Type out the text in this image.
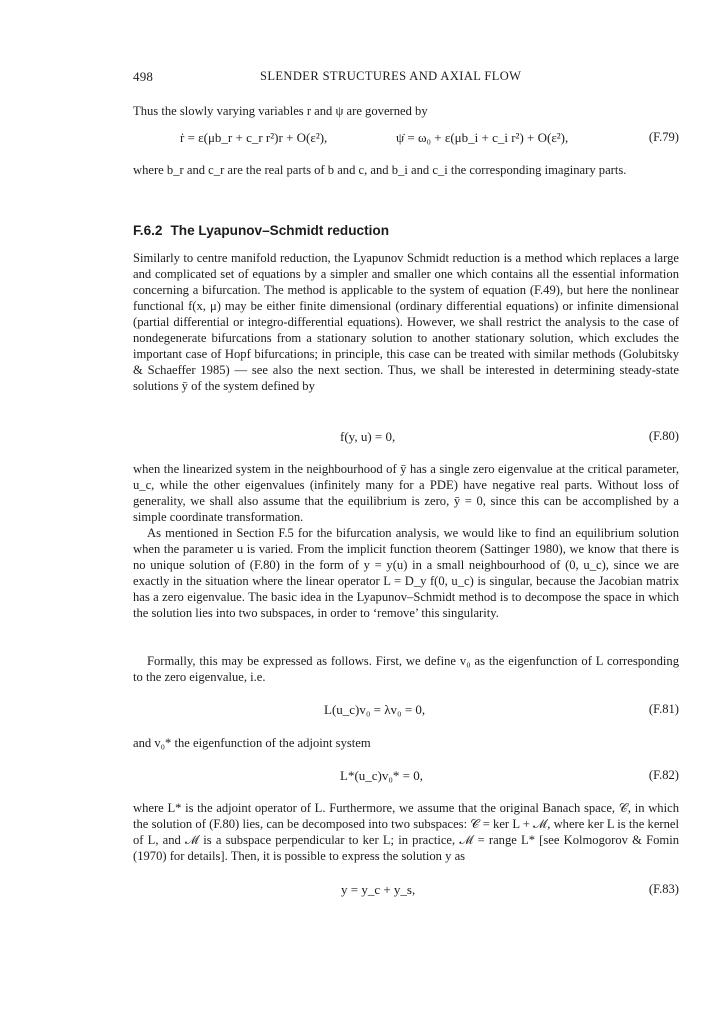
498	SLENDER STRUCTURES AND AXIAL FLOW
Thus the slowly varying variables r and ψ are governed by
ṙ = ε(μb_r + c_r r²)r + O(ε²),	ψ̇ = ω₀ + ε(μb_i + c_i r²) + O(ε²),	(F.79)
where b_r and c_r are the real parts of b and c, and b_i and c_i the corresponding imaginary parts.
F.6.2 The Lyapunov–Schmidt reduction
Similarly to centre manifold reduction, the Lyapunov Schmidt reduction is a method which replaces a large and complicated set of equations by a simpler and smaller one which contains all the essential information concerning a bifurcation. The method is applicable to the system of equation (F.49), but here the nonlinear functional f(x, μ) may be either finite dimensional (ordinary differential equations) or infinite dimensional (partial differential or integro-differential equations). However, we shall restrict the analysis to the case of nondegenerate bifurcations from a stationary solution to another stationary solution, which excludes the important case of Hopf bifurcations; in principle, this case can be treated with similar methods (Golubitsky & Schaeffer 1985) — see also the next section. Thus, we shall be interested in determining steady-state solutions ȳ of the system defined by
f(y, u) = 0,	(F.80)
when the linearized system in the neighbourhood of ȳ has a single zero eigenvalue at the critical parameter, u_c, while the other eigenvalues (infinitely many for a PDE) have negative real parts. Without loss of generality, we shall also assume that the equilibrium is zero, ȳ = 0, since this can be accomplished by a simple coordinate transformation.
As mentioned in Section F.5 for the bifurcation analysis, we would like to find an equilibrium solution when the parameter u is varied. From the implicit function theorem (Sattinger 1980), we know that there is no unique solution of (F.80) in the form of y = y(u) in a small neighbourhood of (0, u_c), since we are exactly in the situation where the linear operator L = D_y f(0, u_c) is singular, because the Jacobian matrix has a zero eigenvalue. The basic idea in the Lyapunov–Schmidt method is to decompose the space in which the solution lies into two subspaces, in order to ‘remove’ this singularity.
Formally, this may be expressed as follows. First, we define v₀ as the eigenfunction of L corresponding to the zero eigenvalue, i.e.
L(u_c)v₀ = λv₀ = 0,	(F.81)
and v₀* the eigenfunction of the adjoint system
L*(u_c)v₀* = 0,	(F.82)
where L* is the adjoint operator of L. Furthermore, we assume that the original Banach space, 𝒞, in which the solution of (F.80) lies, can be decomposed into two subspaces: 𝒞 = ker L + ℳ, where ker L is the kernel of L, and ℳ is a subspace perpendicular to ker L; in practice, ℳ = range L* [see Kolmogorov & Fomin (1970) for details]. Then, it is possible to express the solution y as
y = y_c + y_s,	(F.83)
